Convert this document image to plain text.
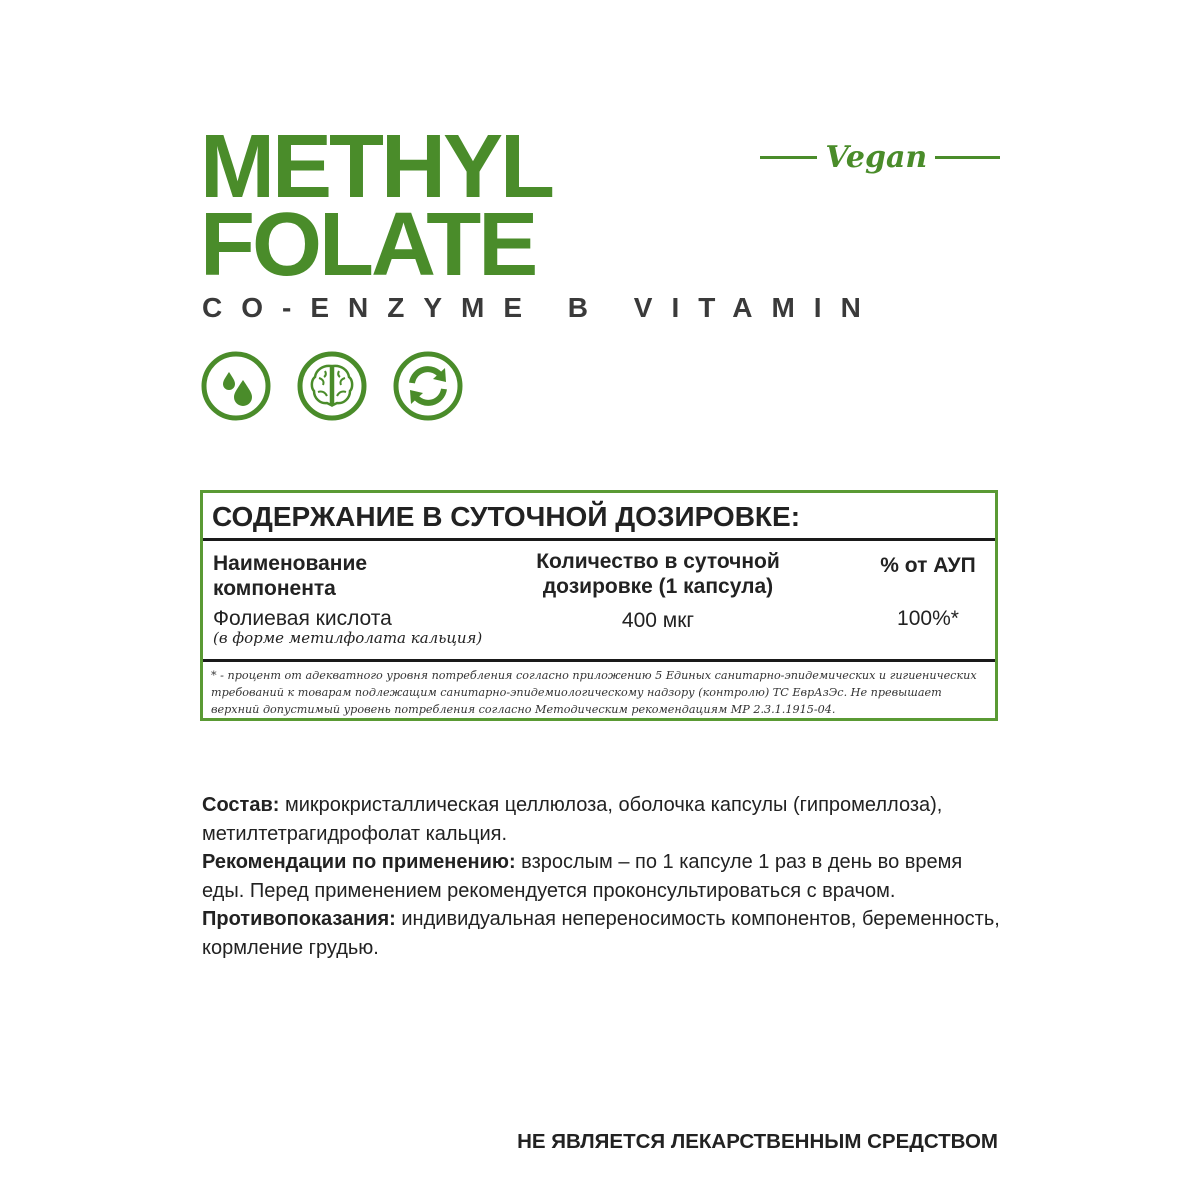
METHYL
FOLATE
CO-ENZYME B VITAMIN
Vegan
СОДЕРЖАНИЕ В СУТОЧНОЙ ДОЗИРОВКЕ:
Наименование компонента
Количество в суточной дозировке (1 капсула)
% от АУП
Фолиевая кислота
(в форме метилфолата кальция)
400 мкг	100%*

* - процент от адекватного уровня потребления согласно приложению 5 Единых санитарно-эпидемических и гигиенических требований к товарам подлежащим санитарно-эпидемиологическому надзору (контролю) ТС ЕврАзЭс. Не превышает верхний допустимый уровень потребления согласно Методическим рекомендациям МР 2.3.1.1915-04.

Состав: микрокристаллическая целлюлоза, оболочка капсулы (гипромеллоза), метилтетрагидрофолат кальция.
Рекомендации по применению: взрослым – по 1 капсуле 1 раз в день во время еды. Перед применением рекомендуется проконсультироваться с врачом.
Противопоказания: индивидуальная непереносимость компонентов, беременность, кормление грудью.

НЕ ЯВЛЯЕТСЯ ЛЕКАРСТВЕННЫМ СРЕДСТВОМ
